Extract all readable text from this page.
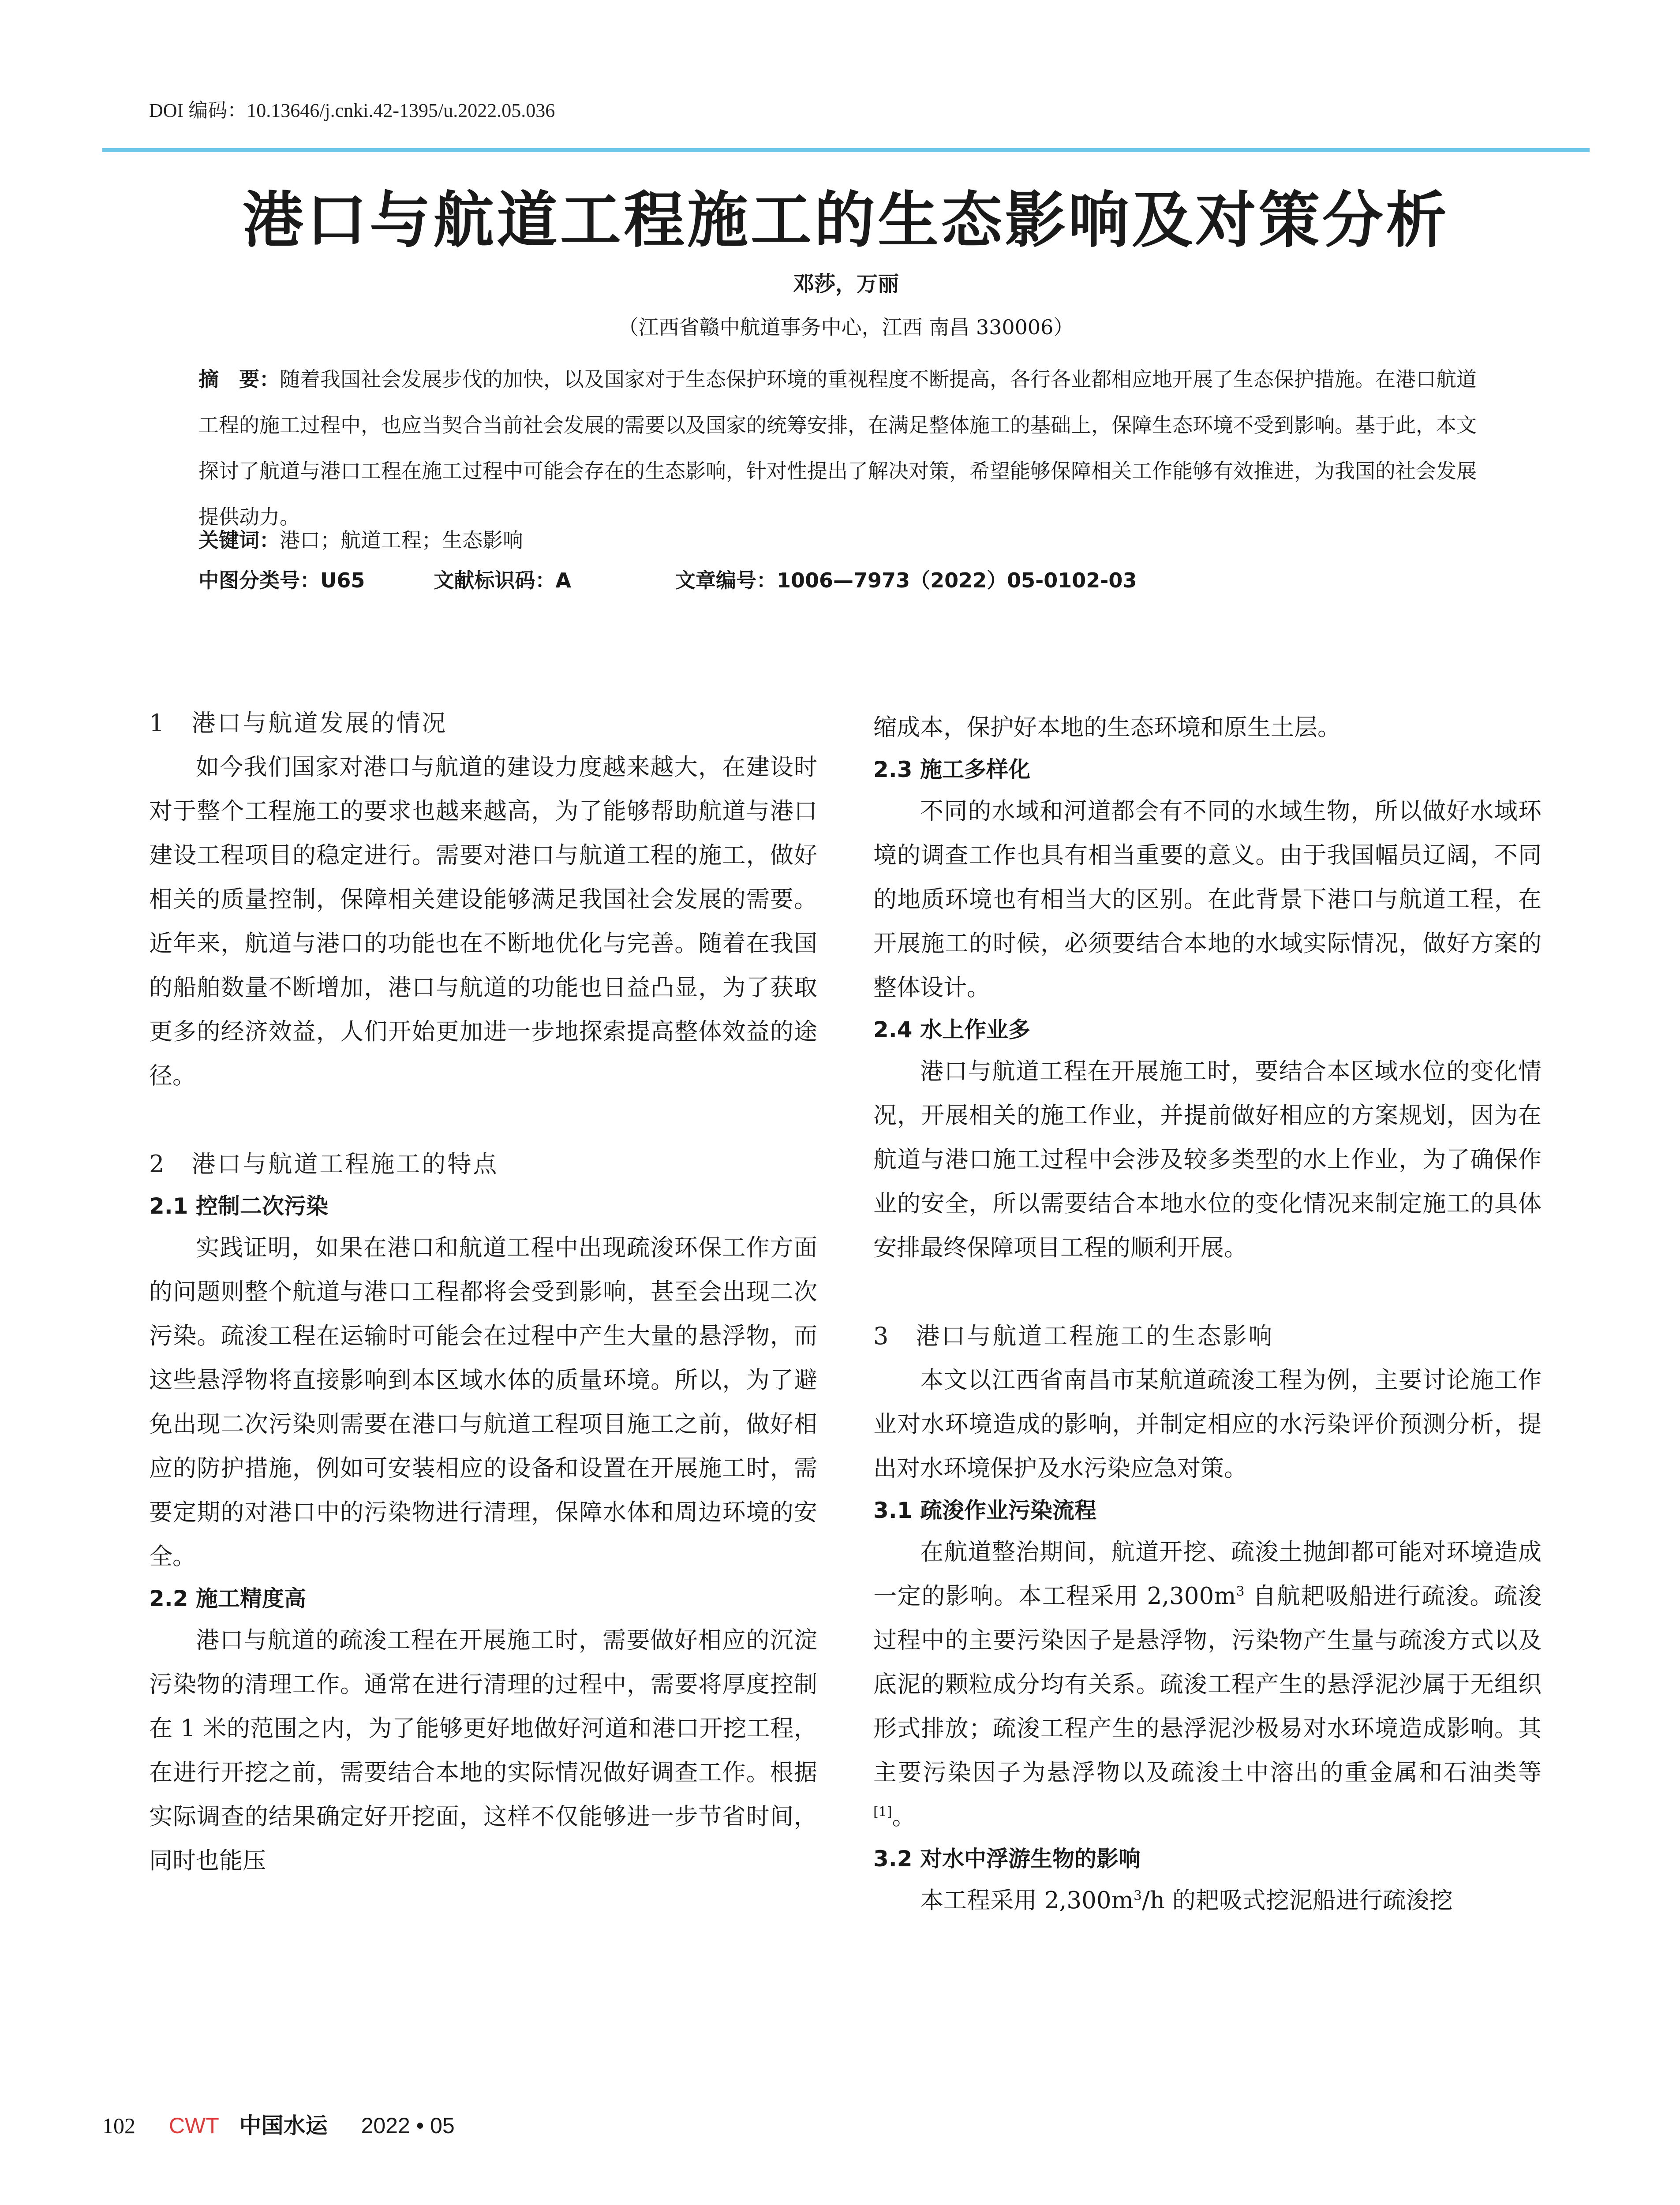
DOI 编码：10.13646/j.cnki.42-1395/u.2022.05.036
港口与航道工程施工的生态影响及对策分析
邓莎，万丽
（江西省赣中航道事务中心，江西 南昌 330006）
摘　要：随着我国社会发展步伐的加快，以及国家对于生态保护环境的重视程度不断提高，各行各业都相应地开展了生态保护措施。在港口航道工程的施工过程中，也应当契合当前社会发展的需要以及国家的统筹安排，在满足整体施工的基础上，保障生态环境不受到影响。基于此，本文探讨了航道与港口工程在施工过程中可能会存在的生态影响，针对性提出了解决对策，希望能够保障相关工作能够有效推进，为我国的社会发展提供动力。
关键词：港口；航道工程；生态影响
中图分类号：U65	文献标识码：A	文章编号：1006—7973（2022）05-0102-03
1　港口与航道发展的情况

如今我们国家对港口与航道的建设力度越来越大，在建设时对于整个工程施工的要求也越来越高，为了能够帮助航道与港口建设工程项目的稳定进行。需要对港口与航道工程的施工，做好相关的质量控制，保障相关建设能够满足我国社会发展的需要。近年来，航道与港口的功能也在不断地优化与完善。随着在我国的船舶数量不断增加，港口与航道的功能也日益凸显，为了获取更多的经济效益，人们开始更加进一步地探索提高整体效益的途径。

2　港口与航道工程施工的特点
2.1 控制二次污染

实践证明，如果在港口和航道工程中出现疏浚环保工作方面的问题则整个航道与港口工程都将会受到影响，甚至会出现二次污染。疏浚工程在运输时可能会在过程中产生大量的悬浮物，而这些悬浮物将直接影响到本区域水体的质量环境。所以，为了避免出现二次污染则需要在港口与航道工程项目施工之前，做好相应的防护措施，例如可安装相应的设备和设置在开展施工时，需要定期的对港口中的污染物进行清理，保障水体和周边环境的安全。

2.2 施工精度高

港口与航道的疏浚工程在开展施工时，需要做好相应的沉淀污染物的清理工作。通常在进行清理的过程中，需要将厚度控制在 1 米的范围之内，为了能够更好地做好河道和港口开挖工程，在进行开挖之前，需要结合本地的实际情况做好调查工作。根据实际调查的结果确定好开挖面，这样不仅能够进一步节省时间，同时也能压

缩成本，保护好本地的生态环境和原生土层。

2.3 施工多样化

不同的水域和河道都会有不同的水域生物，所以做好水域环境的调查工作也具有相当重要的意义。由于我国幅员辽阔，不同的地质环境也有相当大的区别。在此背景下港口与航道工程，在开展施工的时候，必须要结合本地的水域实际情况，做好方案的整体设计。

2.4 水上作业多

港口与航道工程在开展施工时，要结合本区域水位的变化情况，开展相关的施工作业，并提前做好相应的方案规划，因为在航道与港口施工过程中会涉及较多类型的水上作业，为了确保作业的安全，所以需要结合本地水位的变化情况来制定施工的具体安排最终保障项目工程的顺利开展。

3　港口与航道工程施工的生态影响

本文以江西省南昌市某航道疏浚工程为例，主要讨论施工作业对水环境造成的影响，并制定相应的水污染评价预测分析，提出对水环境保护及水污染应急对策。

3.1 疏浚作业污染流程

在航道整治期间，航道开挖、疏浚土抛卸都可能对环境造成一定的影响。本工程采用 $2,300m^3$ 自航耙吸船进行疏浚。疏浚过程中的主要污染因子是悬浮物，污染物产生量与疏浚方式以及底泥的颗粒成分均有关系。疏浚工程产生的悬浮泥沙属于无组织形式排放；疏浚工程产生的悬浮泥沙极易对水环境造成影响。其主要污染因子为悬浮物以及疏浚土中溶出的重金属和石油类等[1]。

3.2 对水中浮游生物的影响

本工程采用 $2,300m^3/h$ 的耙吸式挖泥船进行疏浚挖

102 CWT 中国水运 2022 • 05
